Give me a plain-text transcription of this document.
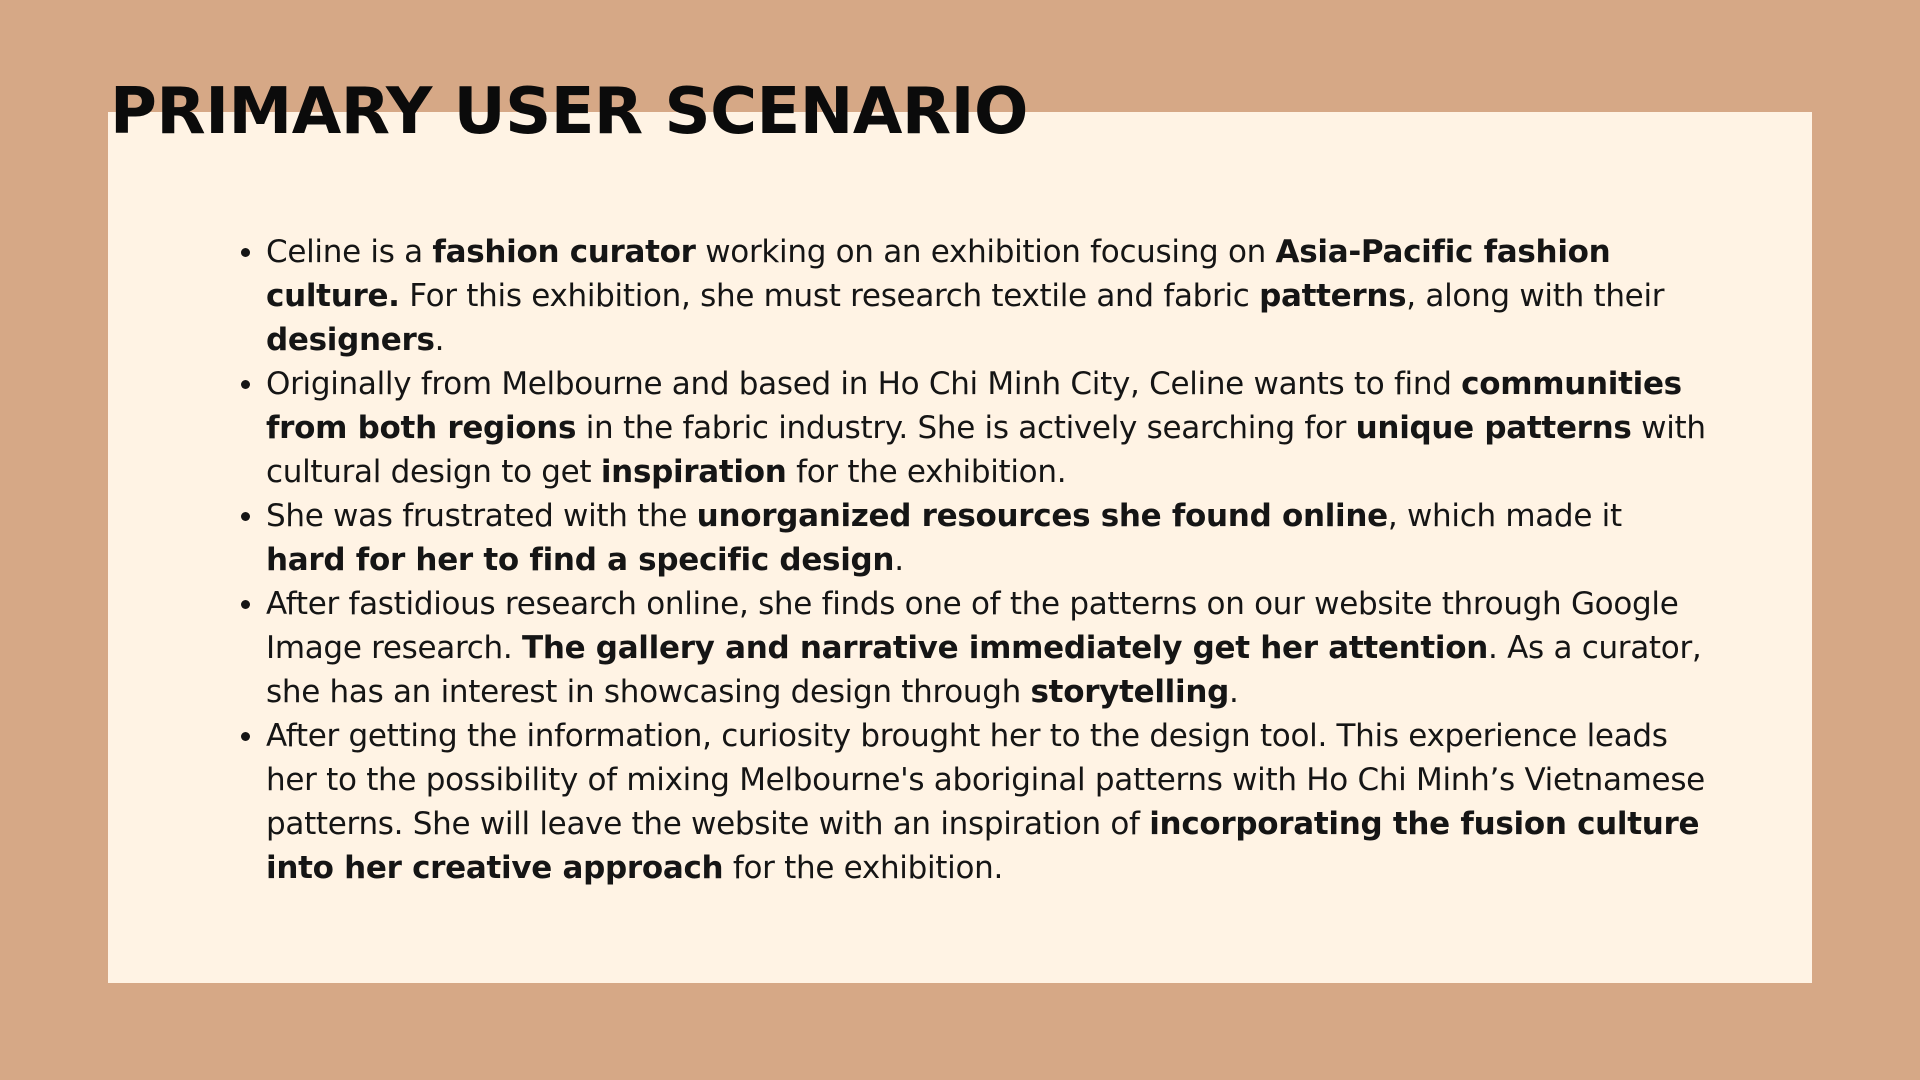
PRIMARY USER SCENARIO
• Celine is a fashion curator working on an exhibition focusing on Asia-Pacific fashion culture. For this exhibition, she must research textile and fabric patterns, along with their designers.
• Originally from Melbourne and based in Ho Chi Minh City, Celine wants to find communities from both regions in the fabric industry. She is actively searching for unique patterns with cultural design to get inspiration for the exhibition.
• She was frustrated with the unorganized resources she found online, which made it hard for her to find a specific design.
• After fastidious research online, she finds one of the patterns on our website through Google Image research. The gallery and narrative immediately get her attention. As a curator, she has an interest in showcasing design through storytelling.
• After getting the information, curiosity brought her to the design tool. This experience leads her to the possibility of mixing Melbourne's aboriginal patterns with Ho Chi Minh’s Vietnamese patterns. She will leave the website with an inspiration of incorporating the fusion culture into her creative approach for the exhibition.
